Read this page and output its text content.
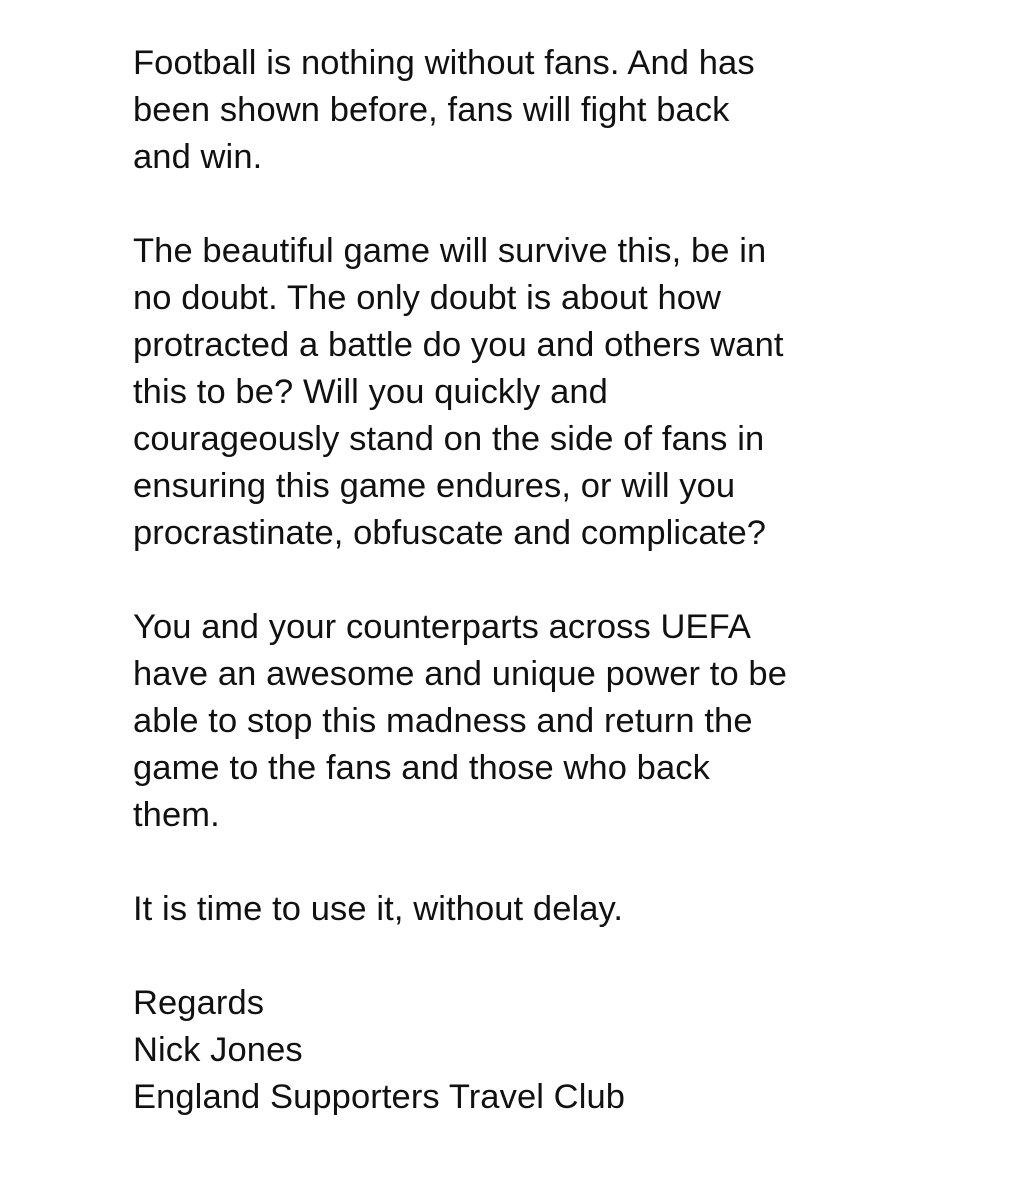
Football is nothing without fans. And has
been shown before, fans will fight back
and win.
The beautiful game will survive this, be in
no doubt. The only doubt is about how
protracted a battle do you and others want
this to be? Will you quickly and
courageously stand on the side of fans in
ensuring this game endures, or will you
procrastinate, obfuscate and complicate?
You and your counterparts across UEFA
have an awesome and unique power to be
able to stop this madness and return the
game to the fans and those who back
them.
It is time to use it, without delay.
Regards
Nick Jones
England Supporters Travel Club
